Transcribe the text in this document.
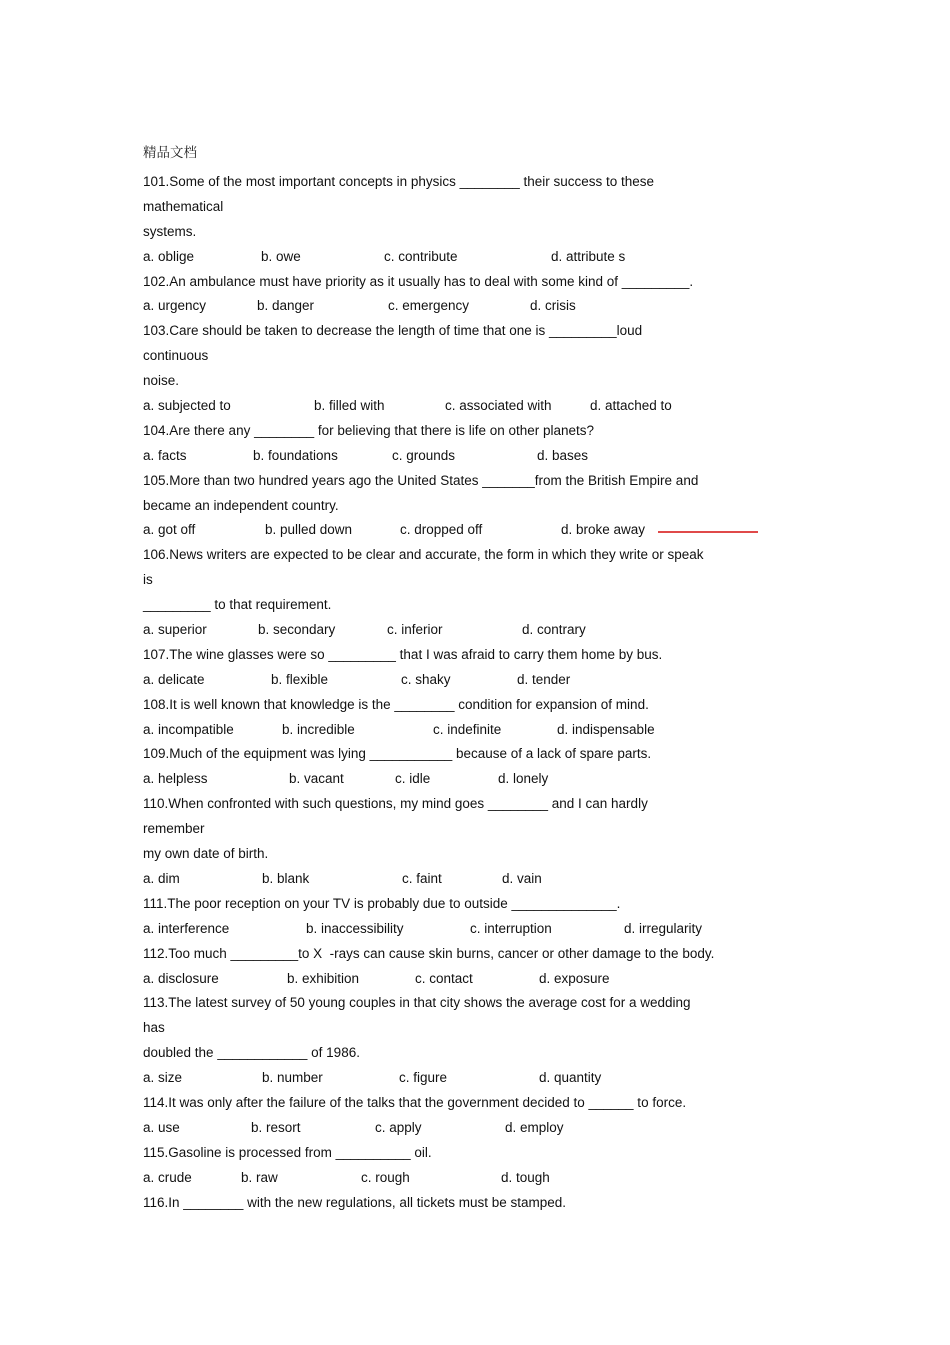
精品文档
101.Some of the most important concepts in physics ________ their success to these
mathematical
systems.
a. oblige	b. owe	c. contribute	d. attribute s
102.An ambulance must have priority as it usually has to deal with some kind of _________.
a. urgency	b. danger	c. emergency	d. crisis
103.Care should be taken to decrease the length of time that one is _________loud
continuous
noise.
a. subjected to	b. filled with	c. associated with	d. attached to
104.Are there any ________ for believing that there is life on other planets?
a. facts	b. foundations	c. grounds	d. bases
105.More than two hundred years ago the United States _______from the British Empire and
became an independent country.
a. got off	b. pulled down	c. dropped off	d. broke away
106.News writers are expected to be clear and accurate, the form in which they write or speak
is
_________ to that requirement.
a. superior	b. secondary	c. inferior	d. contrary
107.The wine glasses were so _________ that I was afraid to carry them home by bus.
a. delicate	b. flexible	c. shaky	d. tender
108.It is well known that knowledge is the ________ condition for expansion of mind.
a. incompatible	b. incredible	c. indefinite	d. indispensable
109.Much of the equipment was lying ___________ because of a lack of spare parts.
a. helpless	b. vacant	c. idle	d. lonely
110.When confronted with such questions, my mind goes ________ and I can hardly
remember
my own date of birth.
a. dim	b. blank	c. faint	d. vain
111.The poor reception on your TV is probably due to outside ______________.
a. interference	b. inaccessibility	c. interruption	d. irregularity
112.Too much _________to X  -rays can cause skin burns, cancer or other damage to the body.
a. disclosure	b. exhibition	c. contact	d. exposure
113.The latest survey of 50 young couples in that city shows the average cost for a wedding
has
doubled the ____________ of 1986.
a. size	b. number	c. figure	d. quantity
114.It was only after the failure of the talks that the government decided to ______ to force.
a. use	b. resort	c. apply	d. employ
115.Gasoline is processed from __________ oil.
a. crude	b. raw	c. rough	d. tough
116.In ________ with the new regulations, all tickets must be stamped.
